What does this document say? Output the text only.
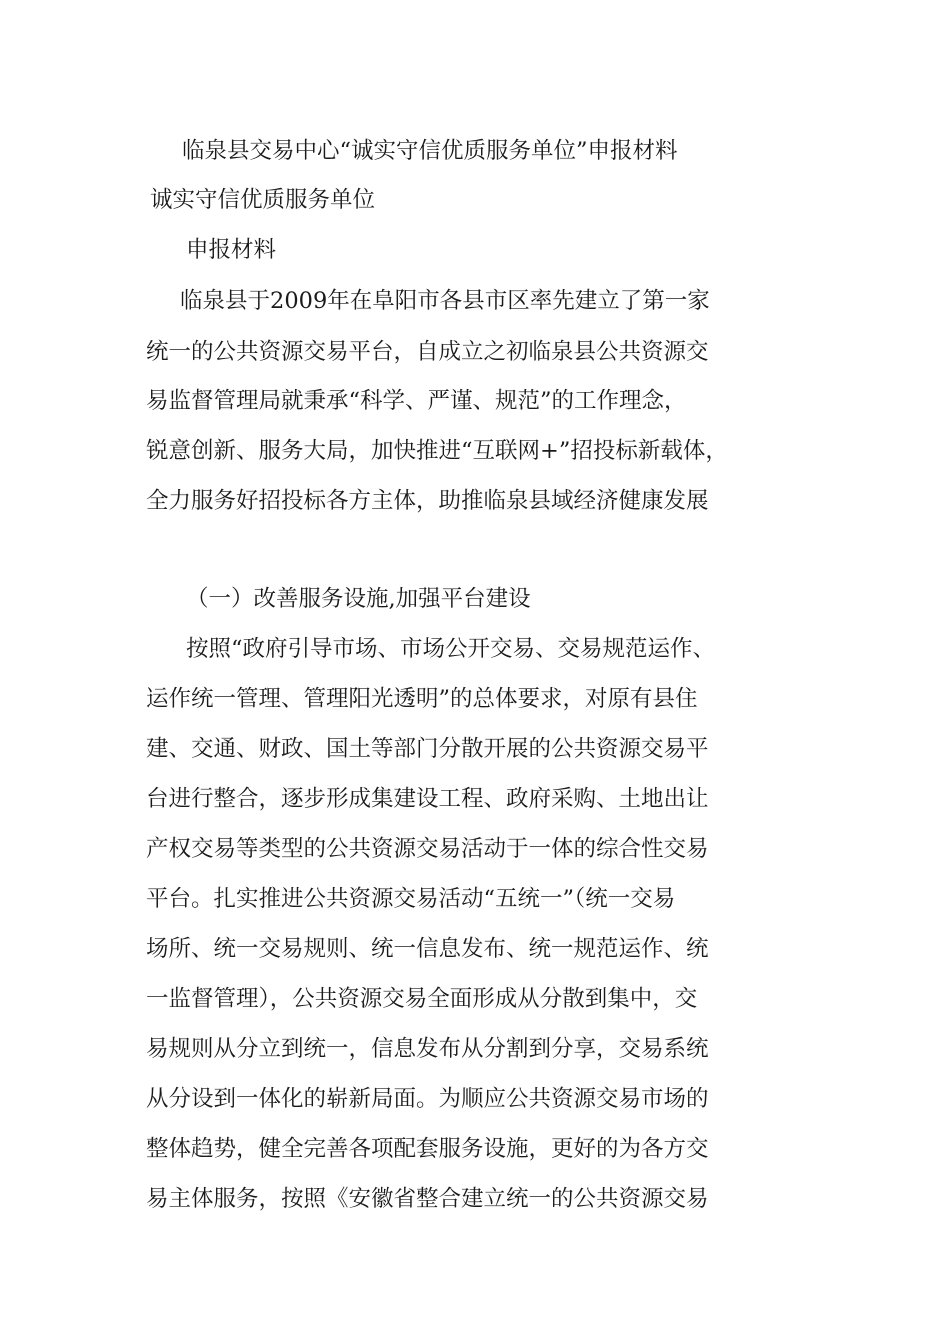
临泉县交易中心“诚实守信优质服务单位”申报材料
诚实守信优质服务单位
申报材料
临泉县于2009年在阜阳市各县市区率先建立了第一家
统一的公共资源交易平台，自成立之初临泉县公共资源交
易监督管理局就秉承“科学、严谨、规范”的工作理念，
锐意创新、服务大局，加快推进“互联网+”招投标新载体，
全力服务好招投标各方主体，助推临泉县域经济健康发展
（一）改善服务设施,加强平台建设
按照“政府引导市场、市场公开交易、交易规范运作、
运作统一管理、管理阳光透明”的总体要求，对原有县住
建、交通、财政、国土等部门分散开展的公共资源交易平
台进行整合，逐步形成集建设工程、政府采购、土地出让
产权交易等类型的公共资源交易活动于一体的综合性交易
平台。扎实推进公共资源交易活动“五统一”（统一交易
场所、统一交易规则、统一信息发布、统一规范运作、统
一监督管理），公共资源交易全面形成从分散到集中，交
易规则从分立到统一，信息发布从分割到分享，交易系统
从分设到一体化的崭新局面。为顺应公共资源交易市场的
整体趋势，健全完善各项配套服务设施，更好的为各方交
易主体服务，按照《安徽省整合建立统一的公共资源交易
